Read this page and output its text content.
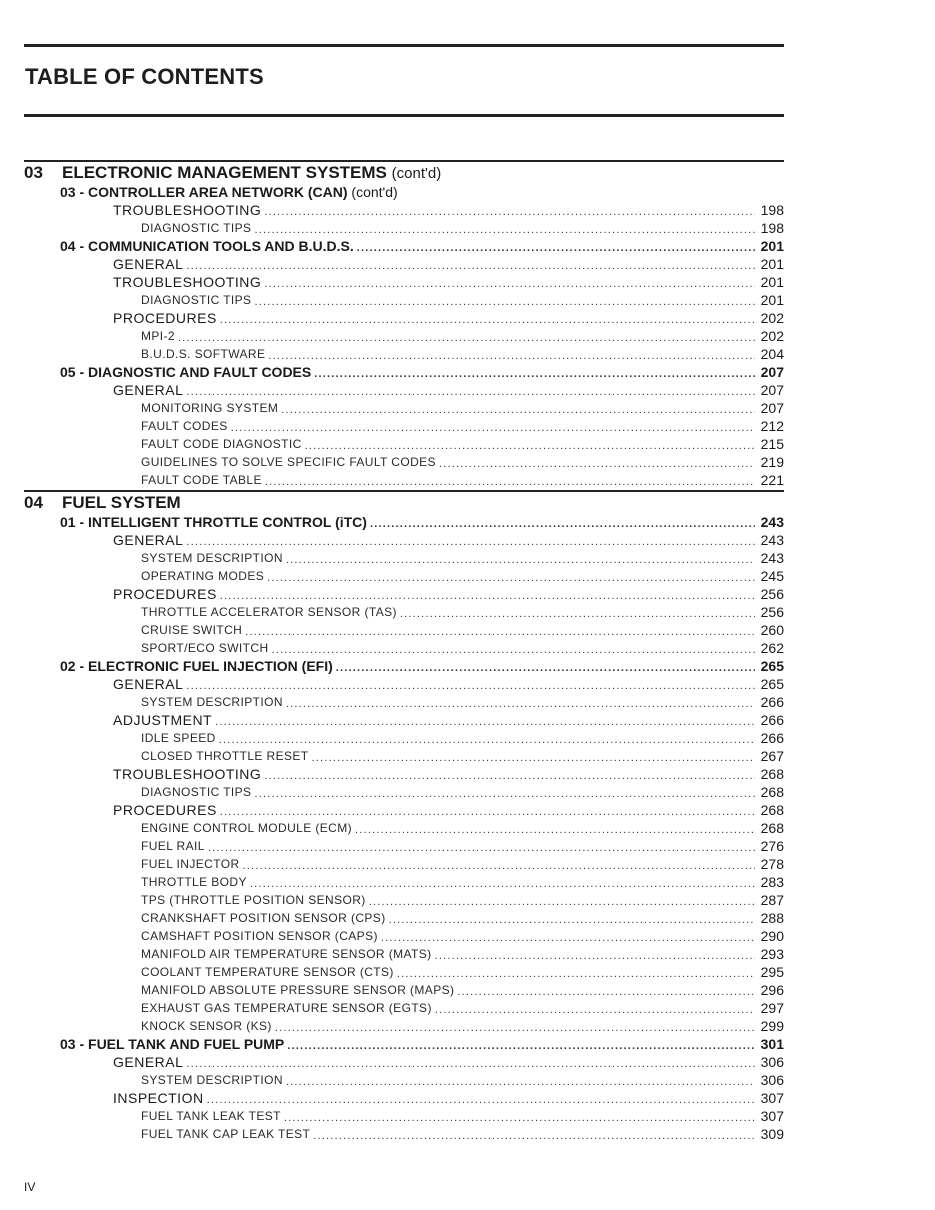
TABLE OF CONTENTS
03 ELECTRONIC MANAGEMENT SYSTEMS (cont'd)
03 - CONTROLLER AREA NETWORK (CAN) (cont'd)
TROUBLESHOOTING .....	198
DIAGNOSTIC TIPS .....	198
04 - COMMUNICATION TOOLS AND B.U.D.S. .....	201
GENERAL .....	201
TROUBLESHOOTING .....	201
DIAGNOSTIC TIPS .....	201
PROCEDURES .....	202
MPI-2 .....	202
B.U.D.S. SOFTWARE .....	204
05 - DIAGNOSTIC AND FAULT CODES .....	207
GENERAL .....	207
MONITORING SYSTEM .....	207
FAULT CODES .....	212
FAULT CODE DIAGNOSTIC .....	215
GUIDELINES TO SOLVE SPECIFIC FAULT CODES .....	219
FAULT CODE TABLE .....	221
04 FUEL SYSTEM
01 - INTELLIGENT THROTTLE CONTROL (iTC) .....	243
GENERAL .....	243
SYSTEM DESCRIPTION .....	243
OPERATING MODES .....	245
PROCEDURES .....	256
THROTTLE ACCELERATOR SENSOR (TAS) .....	256
CRUISE SWITCH .....	260
SPORT/ECO SWITCH .....	262
02 - ELECTRONIC FUEL INJECTION (EFI) .....	265
GENERAL .....	265
SYSTEM DESCRIPTION .....	266
ADJUSTMENT .....	266
IDLE SPEED .....	266
CLOSED THROTTLE RESET .....	267
TROUBLESHOOTING .....	268
DIAGNOSTIC TIPS .....	268
PROCEDURES .....	268
ENGINE CONTROL MODULE (ECM) .....	268
FUEL RAIL .....	276
FUEL INJECTOR .....	278
THROTTLE BODY .....	283
TPS (THROTTLE POSITION SENSOR) .....	287
CRANKSHAFT POSITION SENSOR (CPS) .....	288
CAMSHAFT POSITION SENSOR (CAPS) .....	290
MANIFOLD AIR TEMPERATURE SENSOR (MATS) .....	293
COOLANT TEMPERATURE SENSOR (CTS) .....	295
MANIFOLD ABSOLUTE PRESSURE SENSOR (MAPS) .....	296
EXHAUST GAS TEMPERATURE SENSOR (EGTS) .....	297
KNOCK SENSOR (KS) .....	299
03 - FUEL TANK AND FUEL PUMP .....	301
GENERAL .....	306
SYSTEM DESCRIPTION .....	306
INSPECTION .....	307
FUEL TANK LEAK TEST .....	307
FUEL TANK CAP LEAK TEST .....	309
IV
